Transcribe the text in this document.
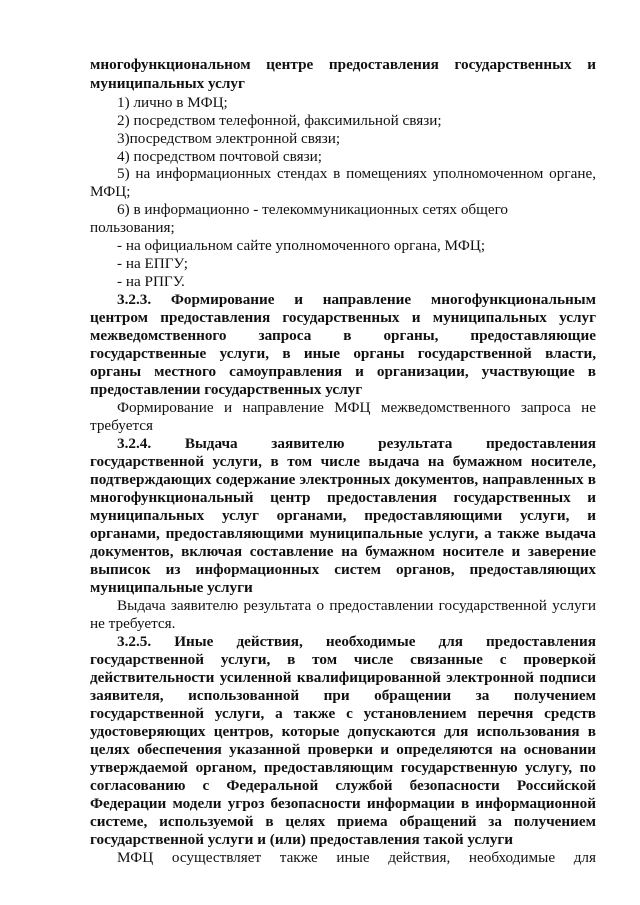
многофункциональном центре предоставления государственных и
муниципальных услуг
1) лично в МФЦ;
2) посредством телефонной, факсимильной связи;
3)посредством электронной связи;
4) посредством почтовой связи;
5) на информационных стендах в помещениях уполномоченном органе,
МФЦ;
6) в информационно - телекоммуникационных сетях общего
пользования;
- на официальном сайте уполномоченного органа, МФЦ;
- на ЕПГУ;
- на РПГУ.
3.2.3. Формирование и направление многофункциональным
центром предоставления государственных и муниципальных услуг
межведомственного запроса в органы, предоставляющие
государственные услуги, в иные органы государственной власти,
органы местного самоуправления и организации, участвующие в
предоставлении государственных услуг
Формирование и направление МФЦ межведомственного запроса не
требуется
3.2.4. Выдача заявителю результата предоставления
государственной услуги, в том числе выдача на бумажном носителе,
подтверждающих содержание электронных документов, направленных в
многофункциональный центр предоставления государственных и
муниципальных услуг органами, предоставляющими услуги, и
органами, предоставляющими муниципальные услуги, а также выдача
документов, включая составление на бумажном носителе и заверение
выписок из информационных систем органов, предоставляющих
муниципальные услуги
Выдача заявителю результата о предоставлении государственной услуги
не требуется.
3.2.5. Иные действия, необходимые для предоставления
государственной услуги, в том числе связанные с проверкой
действительности усиленной квалифицированной электронной подписи
заявителя, использованной при обращении за получением
государственной услуги, а также с установлением перечня средств
удостоверяющих центров, которые допускаются для использования в
целях обеспечения указанной проверки и определяются на основании
утверждаемой органом, предоставляющим государственную услугу, по
согласованию с Федеральной службой безопасности Российской
Федерации модели угроз безопасности информации в информационной
системе, используемой в целях приема обращений за получением
государственной услуги и (или) предоставления такой услуги
МФЦ осуществляет также иные действия, необходимые для
